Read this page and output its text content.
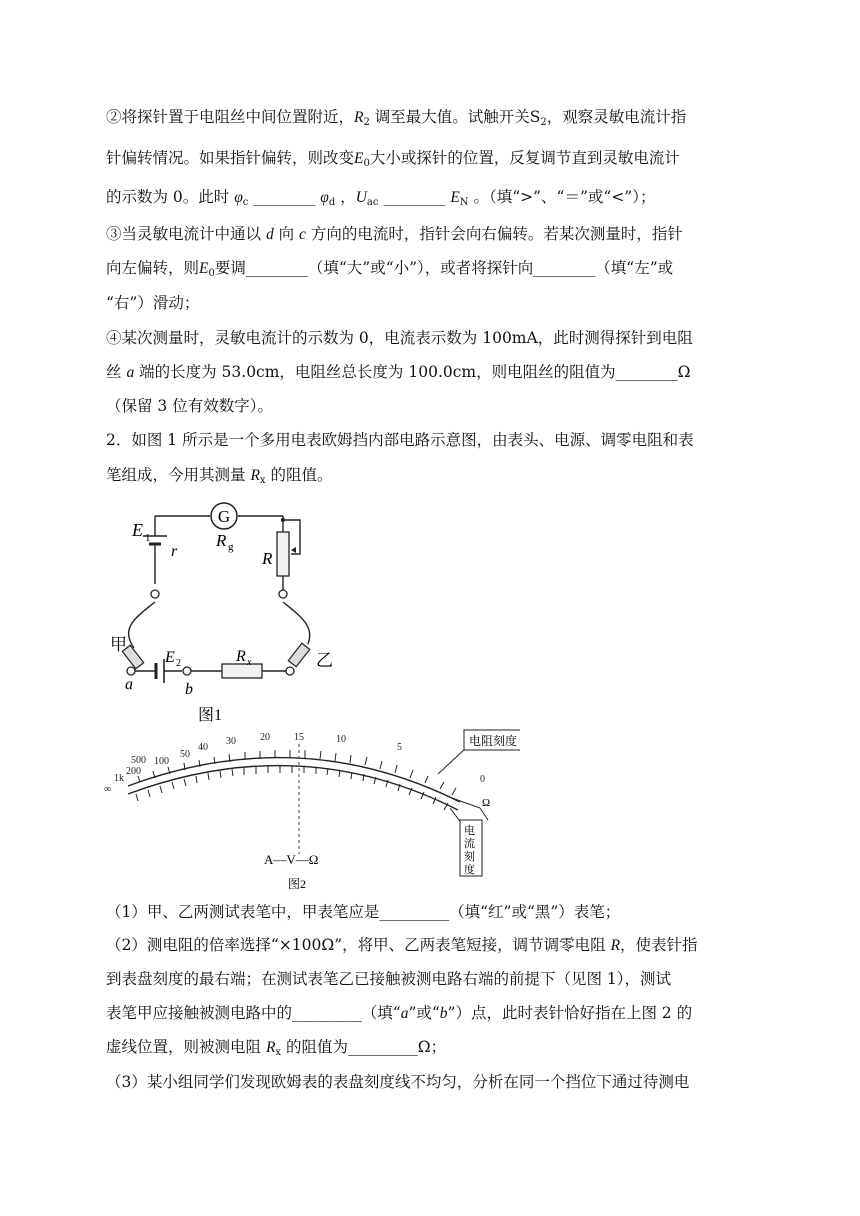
②将探针置于电阻丝中间位置附近，$R_2$ 调至最大值。试触开关$S_2$，观察灵敏电流计指
针偏转情况。如果指针偏转，则改变$E_0$大小或探针的位置，反复调节直到灵敏电流计
的示数为 0。此时 $\varphi_c$ ________ $\varphi_d$ ，$U_{ac}$ ________ $E_N$ 。（填“>”、“＝”或“<”）；
③当灵敏电流计中通以 d 向 c 方向的电流时，指针会向右偏转。若某次测量时，指针
向左偏转，则$E_0$要调________（填“大”或“小”），或者将探针向________（填“左”或
“右”）滑动；
④某次测量时，灵敏电流计的示数为 0，电流表示数为 100mA，此时测得探针到电阻
丝 a 端的长度为 53.0cm，电阻丝总长度为 100.0cm，则电阻丝的阻值为________Ω
（保留 3 位有效数字）。
2．如图 1 所示是一个多用电表欧姆挡内部电路示意图，由表头、电源、调零电阻和表
笔组成，今用其测量 $R_x$ 的阻值。
G
E 1
r
R g
R
E 2	R x
甲
乙
a	b
图1
∞
1k
200
500 100
50
40
30 20 15	10
5
0
电阻刻度
Ω
电
流
刻
度
A—V—Ω
图2
（1）甲、乙两测试表笔中，甲表笔应是_________（填“红”或“黑”）表笔；
（2）测电阻的倍率选择“×100Ω”，将甲、乙两表笔短接，调节调零电阻 R，使表针指
到表盘刻度的最右端；在测试表笔乙已接触被测电路右端的前提下（见图 1），测试
表笔甲应接触被测电路中的_________（填“a”或“b”）点，此时表针恰好指在上图 2 的
虚线位置，则被测电阻 $R_x$ 的阻值为_________Ω；
（3）某小组同学们发现欧姆表的表盘刻度线不均匀，分析在同一个挡位下通过待测电
